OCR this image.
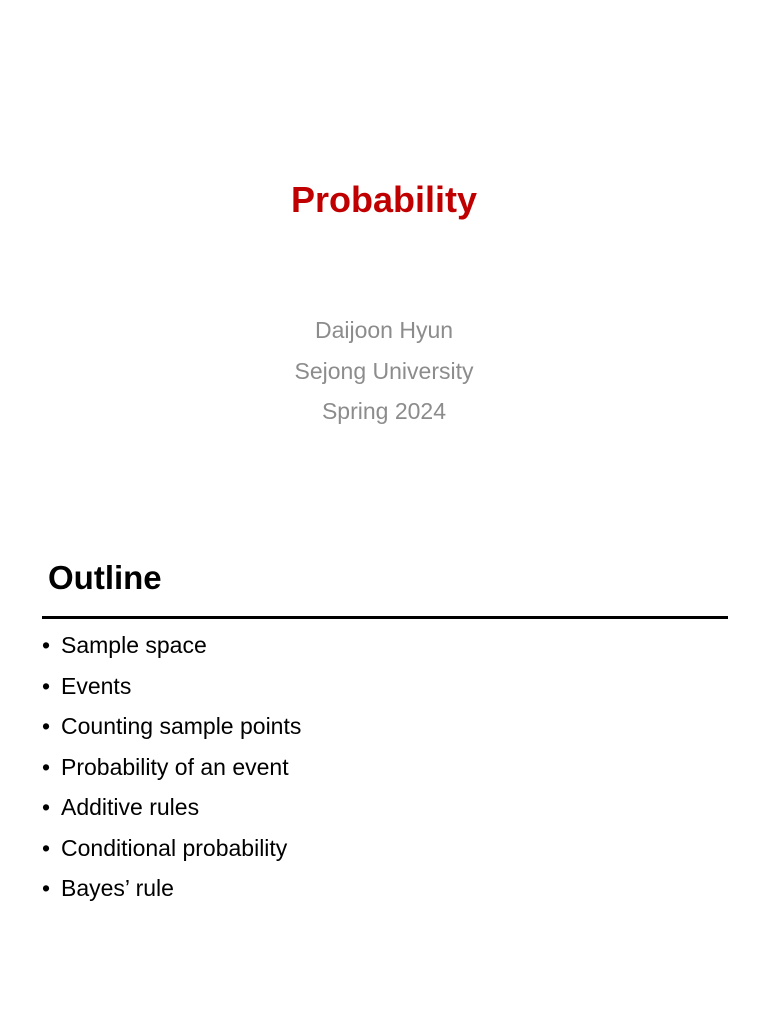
Probability
Daijoon Hyun
Sejong University
Spring 2024
Outline
• Sample space
• Events
• Counting sample points
• Probability of an event
• Additive rules
• Conditional probability
• Bayes’ rule
